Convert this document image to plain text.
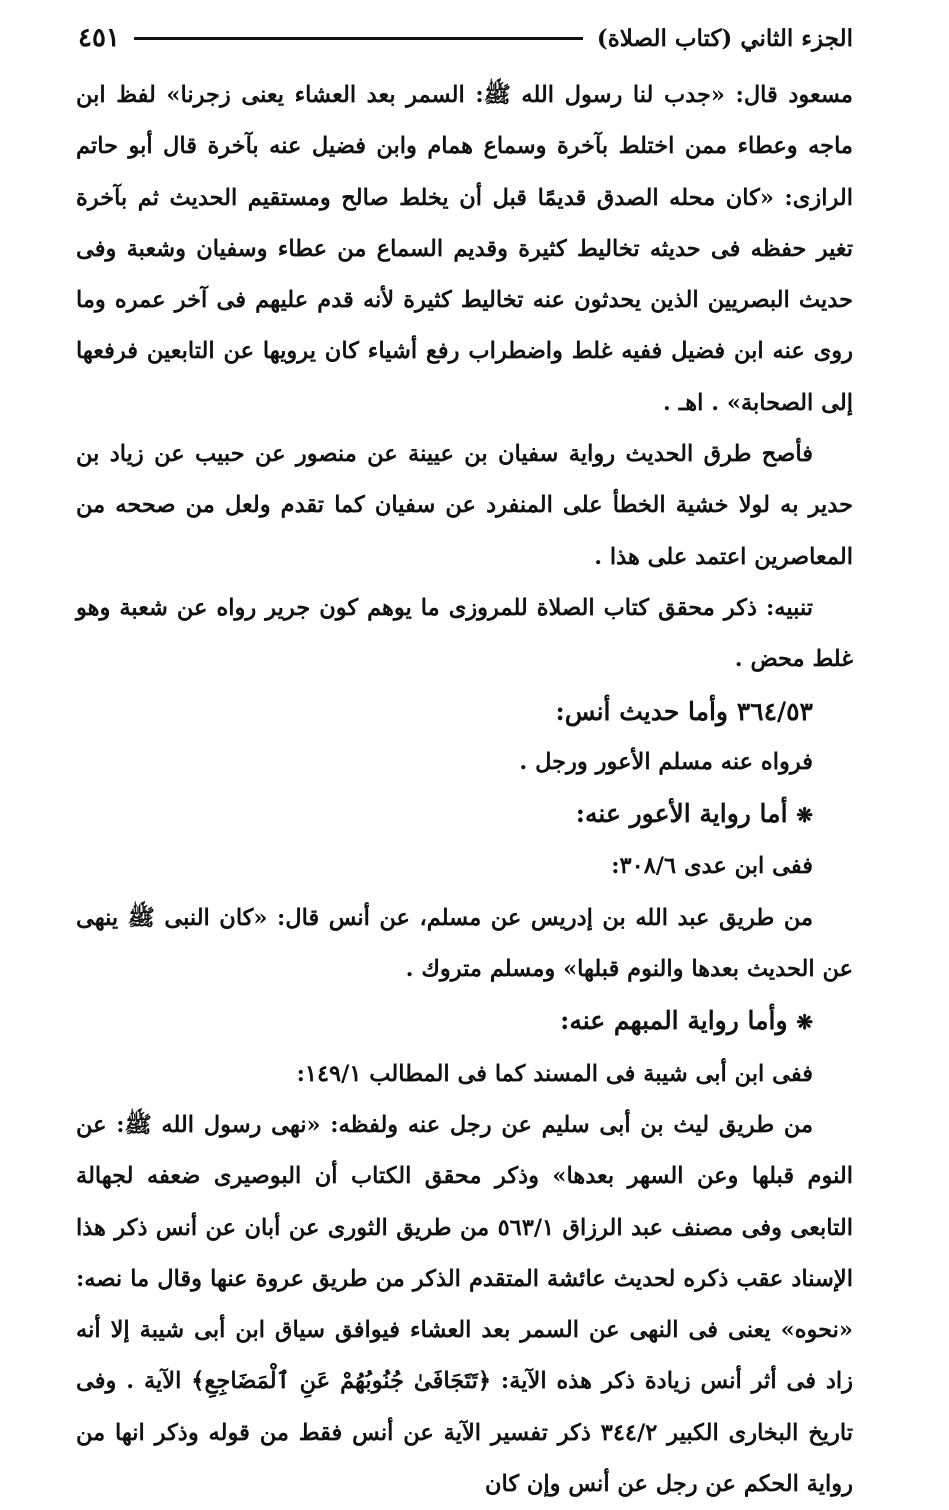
الجزء الثاني (كتاب الصلاة)
٤٥١

مسعود قال: «جدب لنا رسول الله ﷺ: السمر بعد العشاء يعنى زجرنا» لفظ ابن ماجه وعطاء ممن اختلط بآخرة وسماع همام وابن فضيل عنه بآخرة قال أبو حاتم الرازى: «كان محله الصدق قديمًا قبل أن يخلط صالح ومستقيم الحديث ثم بآخرة تغير حفظه فى حديثه تخاليط كثيرة وقديم السماع من عطاء وسفيان وشعبة وفى حديث البصريين الذين يحدثون عنه تخاليط كثيرة لأنه قدم عليهم فى آخر عمره وما روى عنه ابن فضيل ففيه غلط واضطراب رفع أشياء كان يرويها عن التابعين فرفعها إلى الصحابة» . اهـ .

فأصح طرق الحديث رواية سفيان بن عيينة عن منصور عن حبيب عن زياد بن حدير به لولا خشية الخطأ على المنفرد عن سفيان كما تقدم ولعل من صححه من المعاصرين اعتمد على هذا .

تنبيه: ذكر محقق كتاب الصلاة للمروزى ما يوهم كون جرير رواه عن شعبة وهو غلط محض .

٣٦٤/٥٣ وأما حديث أنس:

فرواه عنه مسلم الأعور ورجل .

❋ أما رواية الأعور عنه:

ففى ابن عدى ٣٠٨/٦:

من طريق عبد الله بن إدريس عن مسلم، عن أنس قال: «كان النبى ﷺ ينهى عن الحديث بعدها والنوم قبلها» ومسلم متروك .

❋ وأما رواية المبهم عنه:

ففى ابن أبى شيبة فى المسند كما فى المطالب ١٤٩/١:

من طريق ليث بن أبى سليم عن رجل عنه ولفظه: «نهى رسول الله ﷺ: عن النوم قبلها وعن السهر بعدها» وذكر محقق الكتاب أن البوصيرى ضعفه لجهالة التابعى وفى مصنف عبد الرزاق ٥٦٣/١ من طريق الثورى عن أبان عن أنس ذكر هذا الإسناد عقب ذكره لحديث عائشة المتقدم الذكر من طريق عروة عنها وقال ما نصه: «نحوه» يعنى فى النهى عن السمر بعد العشاء فيوافق سياق ابن أبى شيبة إلا أنه زاد فى أثر أنس زيادة ذكر هذه الآية: ﴿تَتَجَافَىٰ جُنُوبُهُمْ عَنِ ٱلْمَضَاجِعِ﴾ الآية . وفى تاريخ البخارى الكبير ٣٤٤/٢ ذكر تفسير الآية عن أنس فقط من قوله وذكر انها من رواية الحكم عن رجل عن أنس وإن كان
